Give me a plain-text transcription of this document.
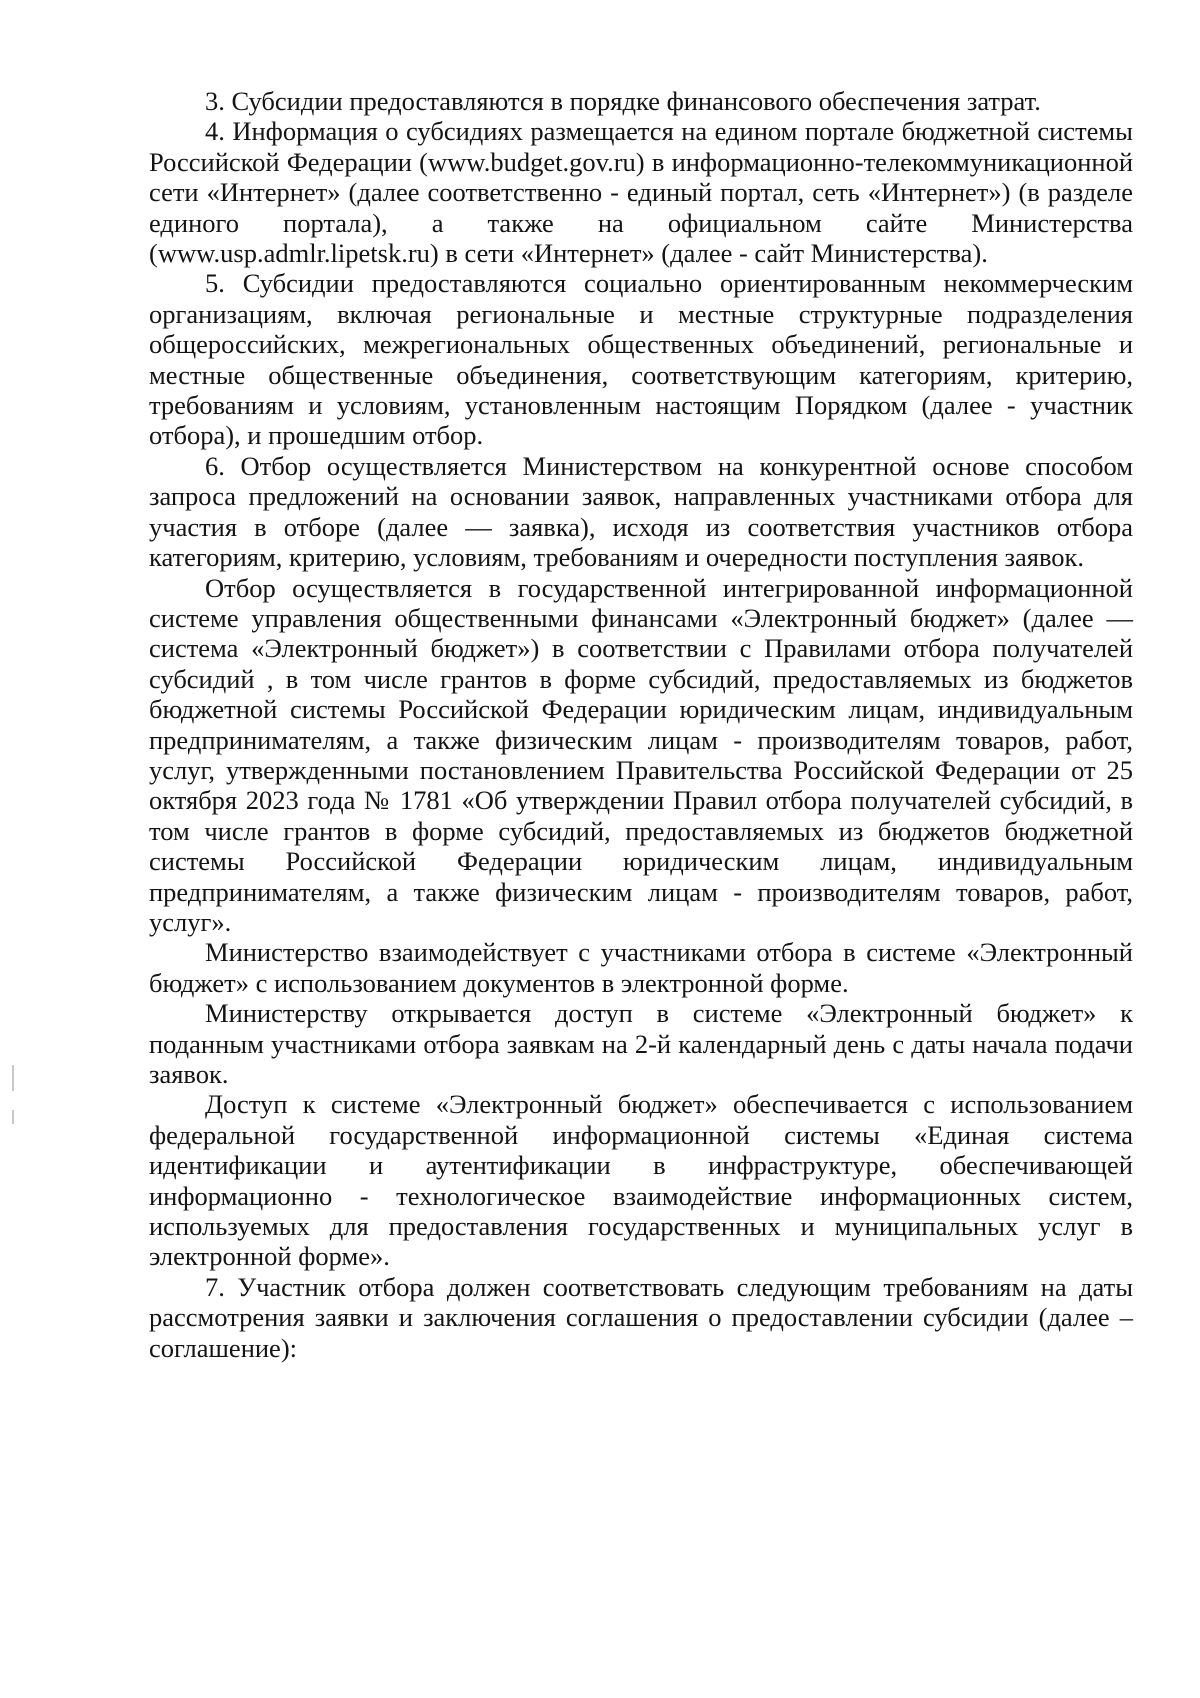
3. Субсидии предоставляются в порядке финансового обеспечения затрат.

4. Информация о субсидиях размещается на едином портале бюджетной системы Российской Федерации (www.budget.gov.ru) в информационно-телекоммуникационной сети «Интернет» (далее соответственно - единый портал, сеть «Интернет») (в разделе единого портала), а также на официальном сайте Министерства (www.usp.admlr.lipetsk.ru) в сети «Интернет» (далее - сайт Министерства).

5. Субсидии предоставляются социально ориентированным некоммерческим организациям, включая региональные и местные структурные подразделения общероссийских, межрегиональных общественных объединений, региональные и местные общественные объединения, соответствующим категориям, критерию, требованиям и условиям, установленным настоящим Порядком (далее - участник отбора), и прошедшим отбор.

6. Отбор осуществляется Министерством на конкурентной основе способом запроса предложений на основании заявок, направленных участниками отбора для участия в отборе (далее — заявка), исходя из соответствия участников отбора категориям, критерию, условиям, требованиям и очередности поступления заявок.

Отбор осуществляется в государственной интегрированной информационной системе управления общественными финансами «Электронный бюджет» (далее — система «Электронный бюджет») в соответствии с Правилами отбора получателей субсидий , в том числе грантов в форме субсидий, предоставляемых из бюджетов бюджетной системы Российской Федерации юридическим лицам, индивидуальным предпринимателям, а также физическим лицам - производителям товаров, работ, услуг, утвержденными постановлением Правительства Российской Федерации от 25 октября 2023 года № 1781 «Об утверждении Правил отбора получателей субсидий, в том числе грантов в форме субсидий, предоставляемых из бюджетов бюджетной системы Российской Федерации юридическим лицам, индивидуальным предпринимателям, а также физическим лицам - производителям товаров, работ, услуг».

Министерство взаимодействует с участниками отбора в системе «Электронный бюджет» с использованием документов в электронной форме.

Министерству открывается доступ в системе «Электронный бюджет» к поданным участниками отбора заявкам на 2-й календарный день с даты начала подачи заявок.

Доступ к системе «Электронный бюджет» обеспечивается с использованием федеральной государственной информационной системы «Единая система идентификации и аутентификации в инфраструктуре, обеспечивающей информационно - технологическое взаимодействие информационных систем, используемых для предоставления государственных и муниципальных услуг в электронной форме».

7. Участник отбора должен соответствовать следующим требованиям на даты рассмотрения заявки и заключения соглашения о предоставлении субсидии (далее – соглашение):
